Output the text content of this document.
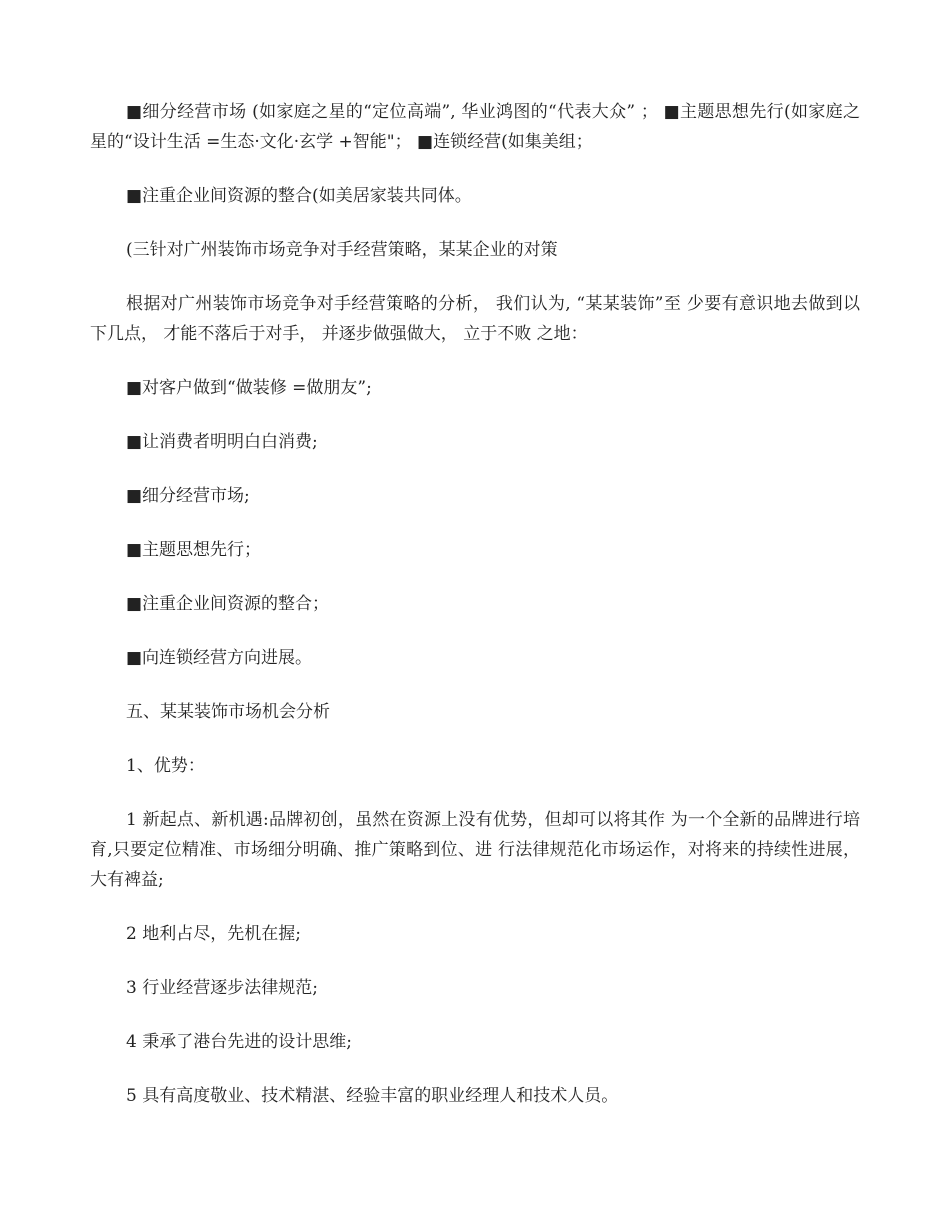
■细分经营市场 (如家庭之星的“定位高端”, 华业鸿图的“代表大众” ； ■主题思想先行(如家庭之星的“设计生活 =生态·文化·玄学 +智能"； ■连锁经营(如集美组；

■注重企业间资源的整合(如美居家装共同体。

(三针对广州装饰市场竞争对手经营策略，某某企业的对策

根据对广州装饰市场竞争对手经营策略的分析， 我们认为, “某某装饰”至 少要有意识地去做到以下几点， 才能不落后于对手， 并逐步做强做大， 立于不败 之地：

■对客户做到“做装修 =做朋友”;

■让消费者明明白白消费;

■细分经营市场;

■主题思想先行；

■注重企业间资源的整合；

■向连锁经营方向进展。

五、某某装饰市场机会分析

1、优势：

1 新起点、新机遇:品牌初创，虽然在资源上没有优势，但却可以将其作 为一个全新的品牌进行培育,只要定位精准、市场细分明确、推广策略到位、进 行法律规范化市场运作，对将来的持续性进展，大有裨益;

2 地利占尽，先机在握;

3 行业经营逐步法律规范;

4 秉承了港台先进的设计思维;

5 具有高度敬业、技术精湛、经验丰富的职业经理人和技术人员。
